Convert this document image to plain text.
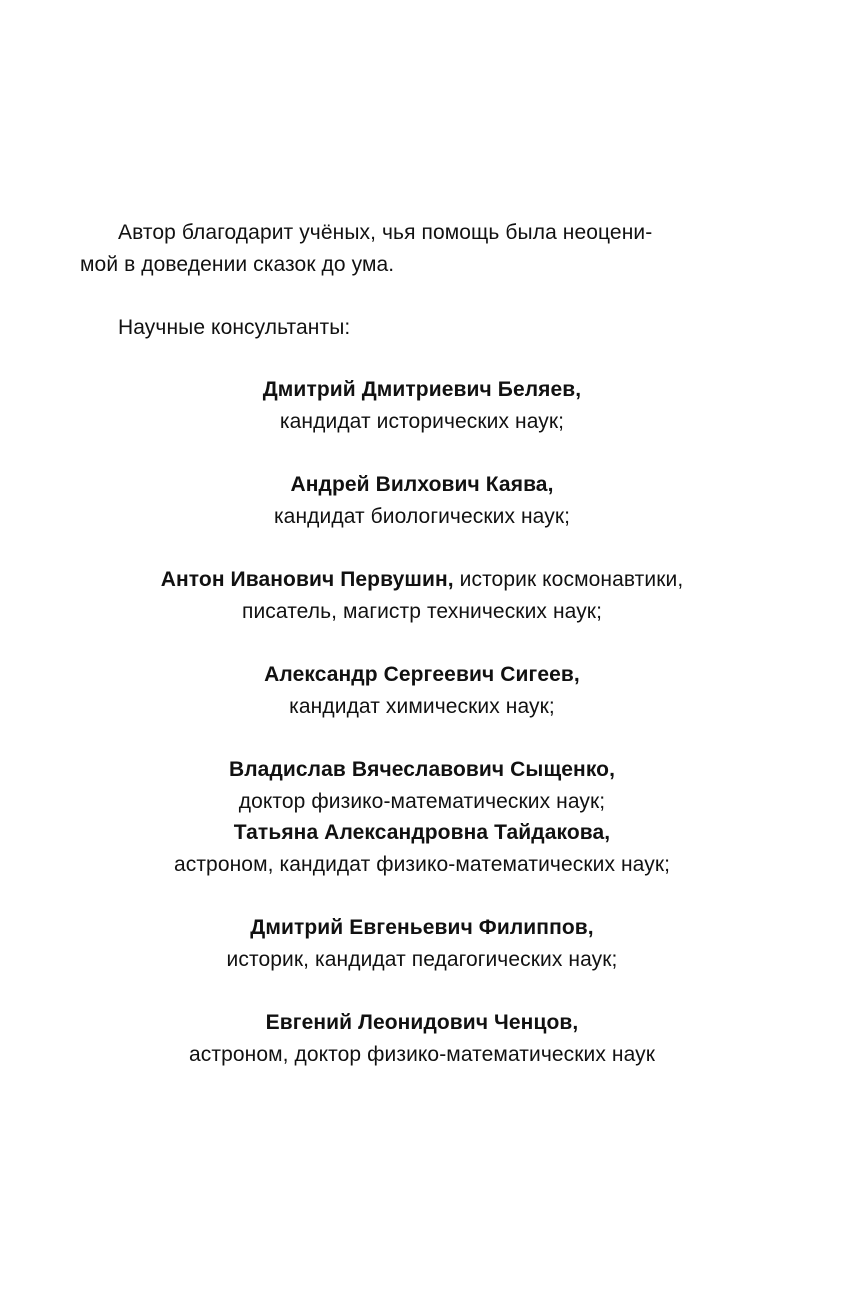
Автор благодарит учёных, чья помощь была неоцени-
мой в доведении сказок до ума.
Научные консультанты:
Дмитрий Дмитриевич Беляев,
кандидат исторических наук;
Андрей Вилхович Каява,
кандидат биологических наук;
Антон Иванович Первушин, историк космонавтики,
писатель, магистр технических наук;
Александр Сергеевич Сигеев,
кандидат химических наук;
Владислав Вячеславович Сыщенко,
доктор физико-математических наук;
Татьяна Александровна Тайдакова,
астроном, кандидат физико-математических наук;
Дмитрий Евгеньевич Филиппов,
историк, кандидат педагогических наук;
Евгений Леонидович Ченцов,
астроном, доктор физико-математических наук
